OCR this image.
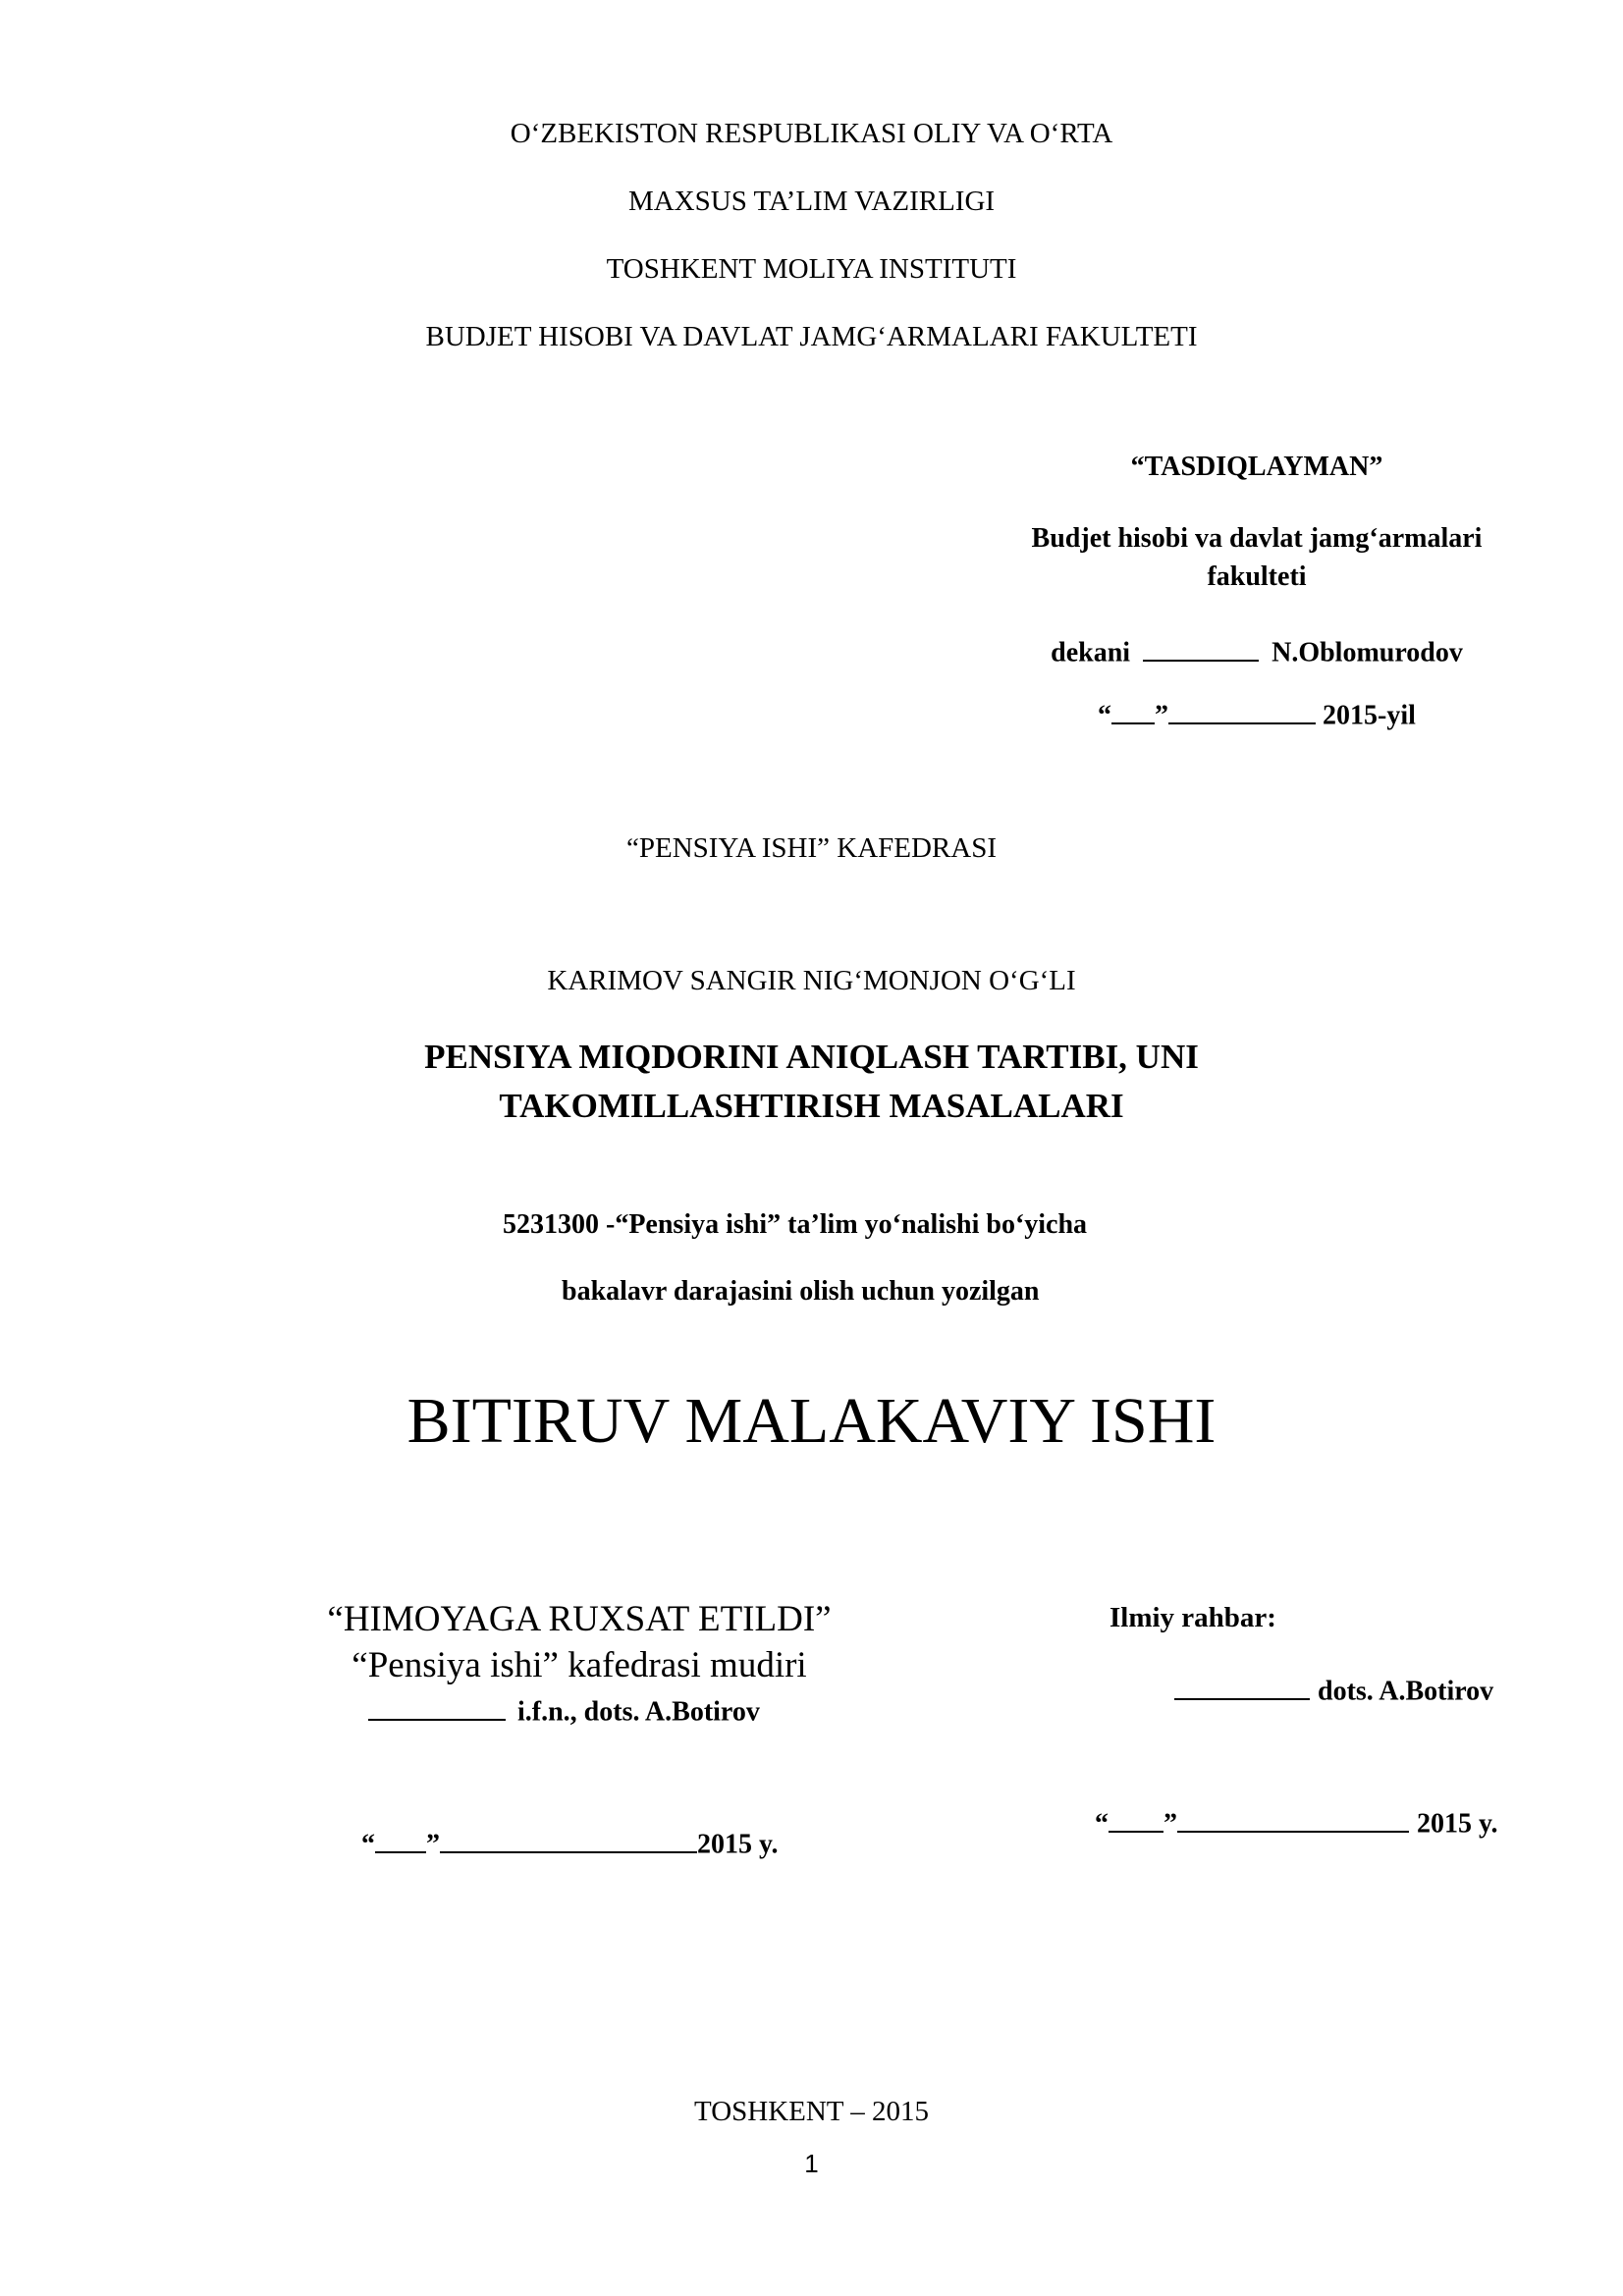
O‘ZBEKISTON RESPUBLIKASI OLIY VA O‘RTA
MAXSUS TA’LIM VAZIRLIGI
TOSHKENT MOLIYA INSTITUTI
BUDJET HISOBI VA DAVLAT JAMG‘ARMALARI FAKULTETI
“TASDIQLAYMAN”
Budjet hisobi va davlat jamg‘armalari
fakulteti
dekani	N.Oblomurodov
“ ”	2015-yil
“PENSIYA ISHI” KAFEDRASI
KARIMOV SANGIR NIG‘MONJON O‘G‘LI
PENSIYA MIQDORINI ANIQLASH TARTIBI, UNI
TAKOMILLASHTIRISH MASALALARI
5231300 -“Pensiya ishi” ta’lim yo‘nalishi bo‘yicha
bakalavr darajasini olish uchun yozilgan
BITIRUV MALAKAVIY ISHI
“HIMOYAGA RUXSAT ETILDI”
“Pensiya ishi” kafedrasi mudiri
i.f.n., dots. A.Botirov
“ ”	2015 y.
Ilmiy rahbar:
dots. A.Botirov
“ ”	2015 y.
TOSHKENT – 2015
1
